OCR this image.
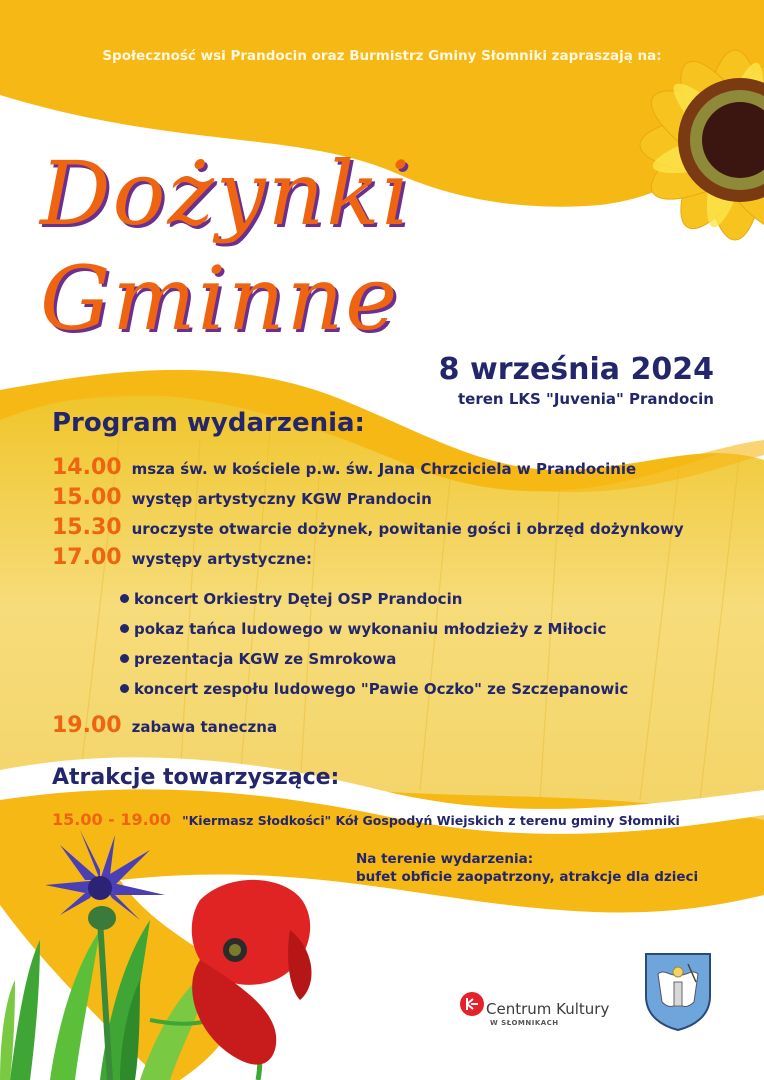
Społeczność wsi Prandocin oraz Burmistrz Gminy Słomniki zapraszają na:
Dożynki
Gminne
8 września 2024
teren LKS "Juvenia" Prandocin
Program wydarzenia:
14.00 msza św. w kościele p.w. św. Jana Chrzciciela w Prandocinie
15.00 występ artystyczny KGW Prandocin
15.30 uroczyste otwarcie dożynek, powitanie gości i obrzęd dożynkowy
17.00 występy artystyczne:
koncert Orkiestry Dętej OSP Prandocin
pokaz tańca ludowego w wykonaniu młodzieży z Miłocic
prezentacja KGW ze Smrokowa
koncert zespołu ludowego "Pawie Oczko" ze Szczepanowic
19.00 zabawa taneczna
Atrakcje towarzyszące:
15.00 - 19.00 "Kiermasz Słodkości" Kół Gospodyń Wiejskich z terenu gminy Słomniki
Na terenie wydarzenia:
bufet obficie zaopatrzony, atrakcje dla dzieci
Centrum Kultury
W SŁOMNIKACH
